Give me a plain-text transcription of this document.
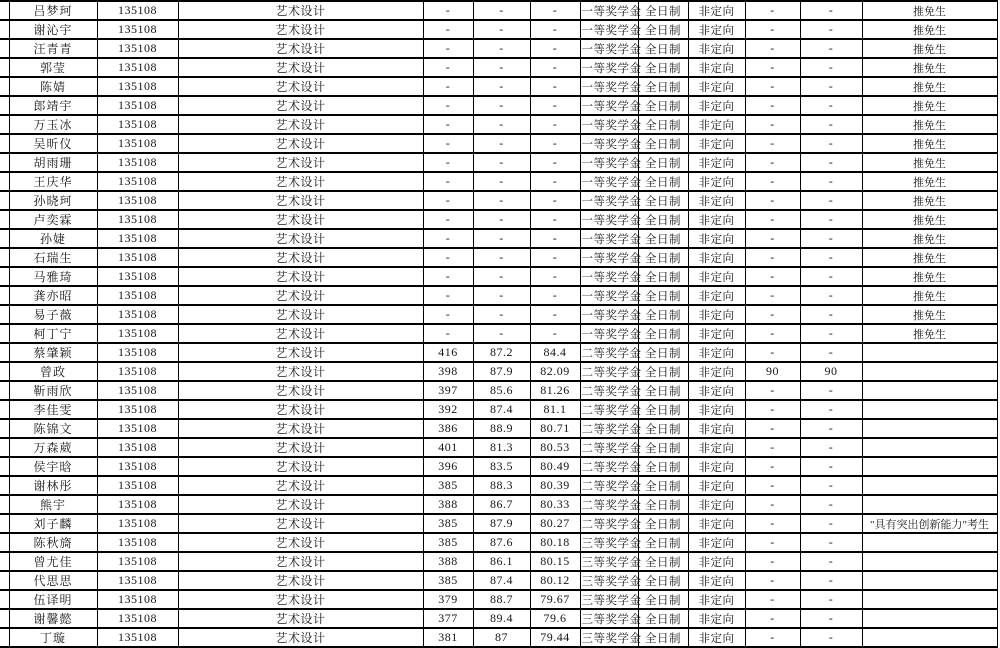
	吕梦珂	135108	艺术设计	-	-	-	一等奖学金	全日制	非定向	-	-	推免生
	谢沁宇	135108	艺术设计	-	-	-	一等奖学金	全日制	非定向	-	-	推免生
	汪青青	135108	艺术设计	-	-	-	一等奖学金	全日制	非定向	-	-	推免生
	郭莹	135108	艺术设计	-	-	-	一等奖学金	全日制	非定向	-	-	推免生
	陈婧	135108	艺术设计	-	-	-	一等奖学金	全日制	非定向	-	-	推免生
	郎靖宇	135108	艺术设计	-	-	-	一等奖学金	全日制	非定向	-	-	推免生
	万玉冰	135108	艺术设计	-	-	-	一等奖学金	全日制	非定向	-	-	推免生
	吴昕仪	135108	艺术设计	-	-	-	一等奖学金	全日制	非定向	-	-	推免生
	胡雨珊	135108	艺术设计	-	-	-	一等奖学金	全日制	非定向	-	-	推免生
	王庆华	135108	艺术设计	-	-	-	一等奖学金	全日制	非定向	-	-	推免生
	孙晓珂	135108	艺术设计	-	-	-	一等奖学金	全日制	非定向	-	-	推免生
	卢奕霖	135108	艺术设计	-	-	-	一等奖学金	全日制	非定向	-	-	推免生
	孙婕	135108	艺术设计	-	-	-	一等奖学金	全日制	非定向	-	-	推免生
	石瑞生	135108	艺术设计	-	-	-	一等奖学金	全日制	非定向	-	-	推免生
	马雅琦	135108	艺术设计	-	-	-	一等奖学金	全日制	非定向	-	-	推免生
	龚亦昭	135108	艺术设计	-	-	-	一等奖学金	全日制	非定向	-	-	推免生
	易子薇	135108	艺术设计	-	-	-	一等奖学金	全日制	非定向	-	-	推免生
	柯丁宁	135108	艺术设计	-	-	-	一等奖学金	全日制	非定向	-	-	推免生
	蔡肇颖	135108	艺术设计	416	87.2	84.4	二等奖学金	全日制	非定向	-	-	
	曾政	135108	艺术设计	398	87.9	82.09	二等奖学金	全日制	非定向	90	90	
	靳雨欣	135108	艺术设计	397	85.6	81.26	二等奖学金	全日制	非定向	-	-	
	李佳雯	135108	艺术设计	392	87.4	81.1	二等奖学金	全日制	非定向	-	-	
	陈锦文	135108	艺术设计	386	88.9	80.71	二等奖学金	全日制	非定向	-	-	
	万森葳	135108	艺术设计	401	81.3	80.53	二等奖学金	全日制	非定向	-	-	
	侯宇晗	135108	艺术设计	396	83.5	80.49	二等奖学金	全日制	非定向	-	-	
	谢林彤	135108	艺术设计	385	88.3	80.39	二等奖学金	全日制	非定向	-	-	
	熊宇	135108	艺术设计	388	86.7	80.33	二等奖学金	全日制	非定向	-	-	
	刘子麟	135108	艺术设计	385	87.9	80.27	二等奖学金	全日制	非定向	-	-	"具有突出创新能力"考生
	陈秋旖	135108	艺术设计	385	87.6	80.18	三等奖学金	全日制	非定向	-	-	
	曾尤佳	135108	艺术设计	388	86.1	80.15	三等奖学金	全日制	非定向	-	-	
	代思思	135108	艺术设计	385	87.4	80.12	三等奖学金	全日制	非定向	-	-	
	伍译明	135108	艺术设计	379	88.7	79.67	三等奖学金	全日制	非定向	-	-	
	谢馨懿	135108	艺术设计	377	89.4	79.6	三等奖学金	全日制	非定向	-	-	
	丁璇	135108	艺术设计	381	87	79.44	三等奖学金	全日制	非定向	-	-	
